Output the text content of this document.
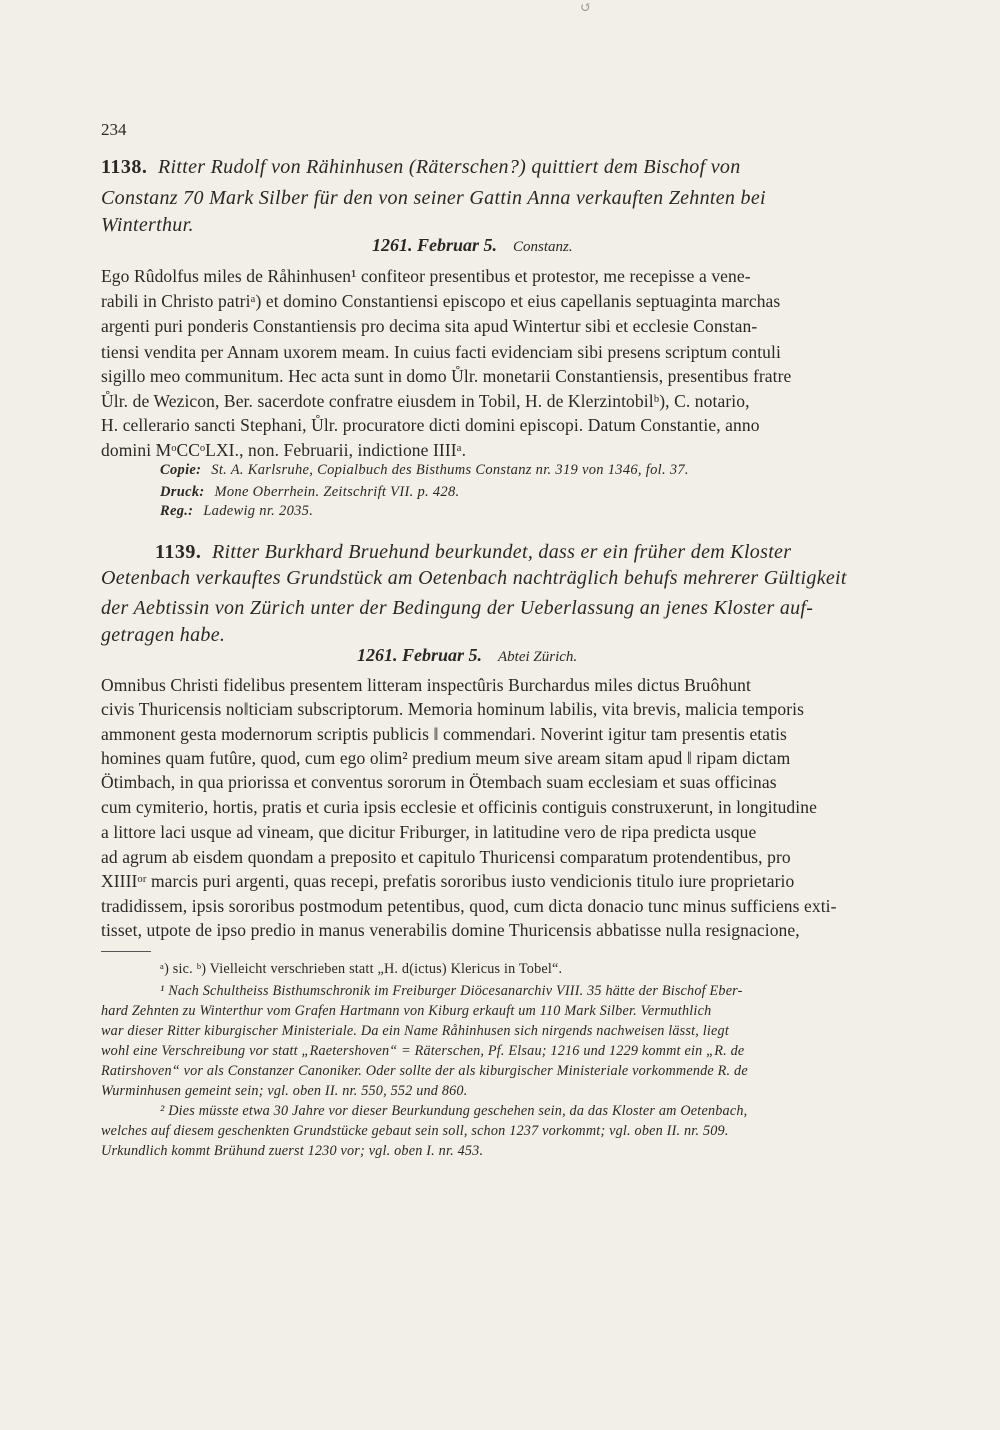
↺
234
1138. Ritter Rudolf von Rähinhusen (Räterschen?) quittiert dem Bischof von
Constanz 70 Mark Silber für den von seiner Gattin Anna verkauften Zehnten bei
Winterthur.
1261. Februar 5. Constanz.
Ego Rûdolfus miles de Råhinhusen¹ confiteor presentibus et protestor, me recepisse a vene-
rabili in Christo patriᵃ) et domino Constantiensi episcopo et eius capellanis septuaginta marchas
argenti puri ponderis Constantiensis pro decima sita apud Wintertur sibi et ecclesie Constan-
tiensi vendita per Annam uxorem meam. In cuius facti evidenciam sibi presens scriptum contuli
sigillo meo communitum. Hec acta sunt in domo Ůlr. monetarii Constantiensis, presentibus fratre
Ůlr. de Wezicon, Ber. sacerdote confratre eiusdem in Tobil, H. de Klerzintobilᵇ), C. notario,
H. cellerario sancti Stephani, Ůlr. procuratore dicti domini episcopi. Datum Constantie, anno
domini MᵒCCᵒLXI., non. Februarii, indictione IIIIᵃ.
Copie: St. A. Karlsruhe, Copialbuch des Bisthums Constanz nr. 319 von 1346, fol. 37.
Druck: Mone Oberrhein. Zeitschrift VII. p. 428.
Reg.: Ladewig nr. 2035.
1139. Ritter Burkhard Bruehund beurkundet, dass er ein früher dem Kloster
Oetenbach verkauftes Grundstück am Oetenbach nachträglich behufs mehrerer Gültigkeit
der Aebtissin von Zürich unter der Bedingung der Ueberlassung an jenes Kloster auf-
getragen habe.
1261. Februar 5. Abtei Zürich.
Omnibus Christi fidelibus presentem litteram inspectûris Burchardus miles dictus Bruôhunt
civis Thuricensis no‖ticiam subscriptorum. Memoria hominum labilis, vita brevis, malicia temporis
ammonent gesta modernorum scriptis publicis ‖ commendari. Noverint igitur tam presentis etatis
homines quam futûre, quod, cum ego olim² predium meum sive aream sitam apud ‖ ripam dictam
Ötimbach, in qua priorissa et conventus sororum in Ötembach suam ecclesiam et suas officinas
cum cymiterio, hortis, pratis et curia ipsis ecclesie et officinis contiguis construxerunt, in longitudine
a littore laci usque ad vineam, que dicitur Friburger, in latitudine vero de ripa predicta usque
ad agrum ab eisdem quondam a preposito et capitulo Thuricensi comparatum protendentibus, pro
XIIIIᵒʳ marcis puri argenti, quas recepi, prefatis sororibus iusto vendicionis titulo iure proprietario
tradidissem, ipsis sororibus postmodum petentibus, quod, cum dicta donacio tunc minus sufficiens exti-
tisset, utpote de ipso predio in manus venerabilis domine Thuricensis abbatisse nulla resignacione,
ᵃ) sic. ᵇ) Vielleicht verschrieben statt „H. d(ictus) Klericus in Tobel“.
¹ Nach Schultheiss Bisthumschronik im Freiburger Diöcesanarchiv VIII. 35 hätte der Bischof Eber-
hard Zehnten zu Winterthur vom Grafen Hartmann von Kiburg erkauft um 110 Mark Silber. Vermuthlich
war dieser Ritter kiburgischer Ministeriale. Da ein Name Råhinhusen sich nirgends nachweisen lässt, liegt
wohl eine Verschreibung vor statt „Raetershoven“ = Räterschen, Pf. Elsau; 1216 und 1229 kommt ein „R. de
Ratirshoven“ vor als Constanzer Canoniker. Oder sollte der als kiburgischer Ministeriale vorkommende R. de
Wurminhusen gemeint sein; vgl. oben II. nr. 550, 552 und 860.
² Dies müsste etwa 30 Jahre vor dieser Beurkundung geschehen sein, da das Kloster am Oetenbach,
welches auf diesem geschenkten Grundstücke gebaut sein soll, schon 1237 vorkommt; vgl. oben II. nr. 509.
Urkundlich kommt Brühund zuerst 1230 vor; vgl. oben I. nr. 453.
